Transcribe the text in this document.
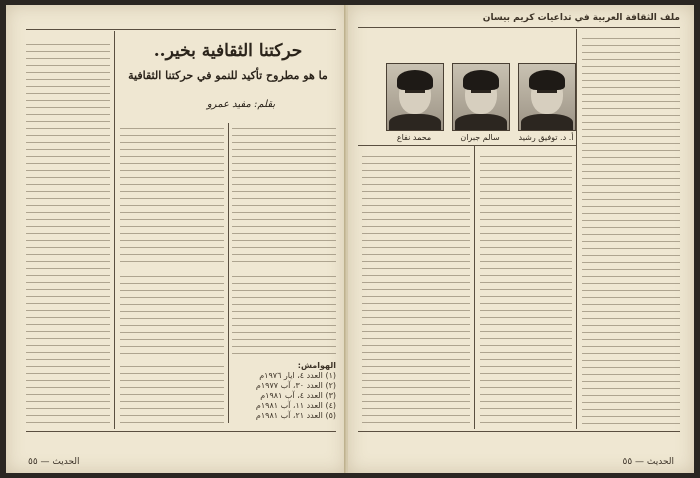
حركتنا الثقافية بخير..
ما هو مطروح تأكيد للنمو في حركتنا الثقافية
بقلم: مفيد عمرو
الهوامش:
(١) العدد ٤، ايار ١٩٧٦م
(٢) العدد ٣٠، آب ١٩٧٧م
(٣) العدد ٤، آب ١٩٨١م
(٤) العدد ١١، آب ١٩٨١م
(٥) العدد ٢١، آب ١٩٨١م
الحديث — ٥٥
ملف الثقافة العربية في تداعيات كريم بيسان
أ. د. توفيق رشيد
سالم جبران
محمد نفاع
الحديث — ٥٥
